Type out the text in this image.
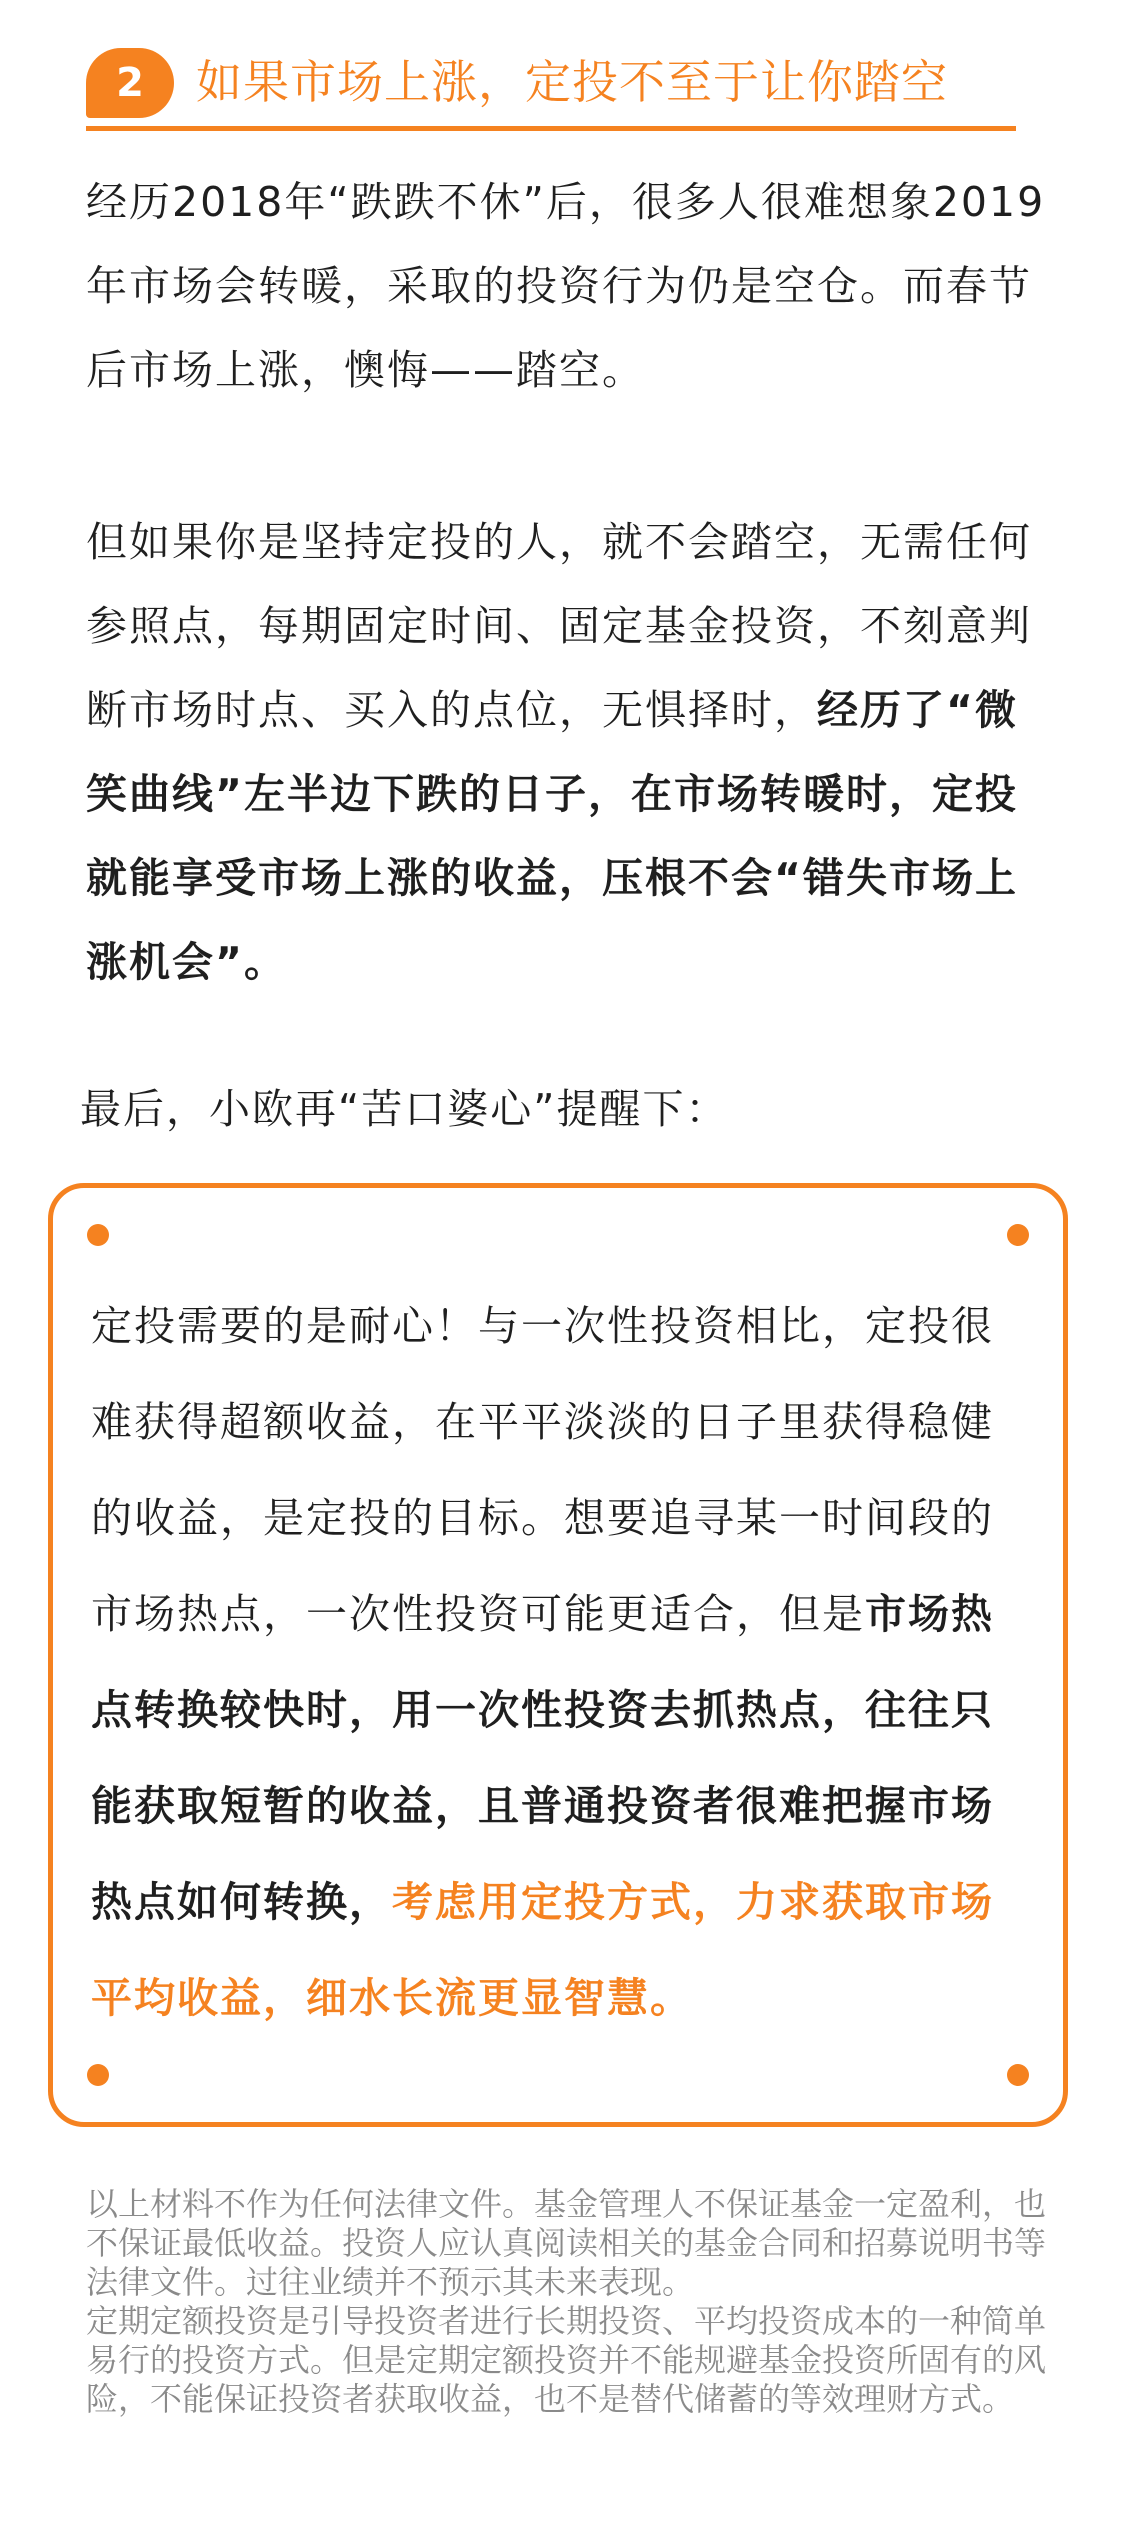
2	如果市场上涨，定投不至于让你踏空

经历2018年“跌跌不休”后，很多人很难想象2019年市场会转暖，采取的投资行为仍是空仓。而春节后市场上涨，懊悔——踏空。

但如果你是坚持定投的人，就不会踏空，无需任何参照点，每期固定时间、固定基金投资，不刻意判断市场时点、买入的点位，无惧择时，经历了“微笑曲线”左半边下跌的日子，在市场转暖时，定投就能享受市场上涨的收益，压根不会“错失市场上涨机会”。

最后，小欧再“苦口婆心”提醒下：

定投需要的是耐心！与一次性投资相比，定投很难获得超额收益，在平平淡淡的日子里获得稳健的收益，是定投的目标。想要追寻某一时间段的市场热点，一次性投资可能更适合，但是市场热点转换较快时，用一次性投资去抓热点，往往只能获取短暂的收益，且普通投资者很难把握市场热点如何转换，考虑用定投方式，力求获取市场平均收益，细水长流更显智慧。

以上材料不作为任何法律文件。基金管理人不保证基金一定盈利，也不保证最低收益。投资人应认真阅读相关的基金合同和招募说明书等法律文件。过往业绩并不预示其未来表现。
定期定额投资是引导投资者进行长期投资、平均投资成本的一种简单易行的投资方式。但是定期定额投资并不能规避基金投资所固有的风险，不能保证投资者获取收益，也不是替代储蓄的等效理财方式。
